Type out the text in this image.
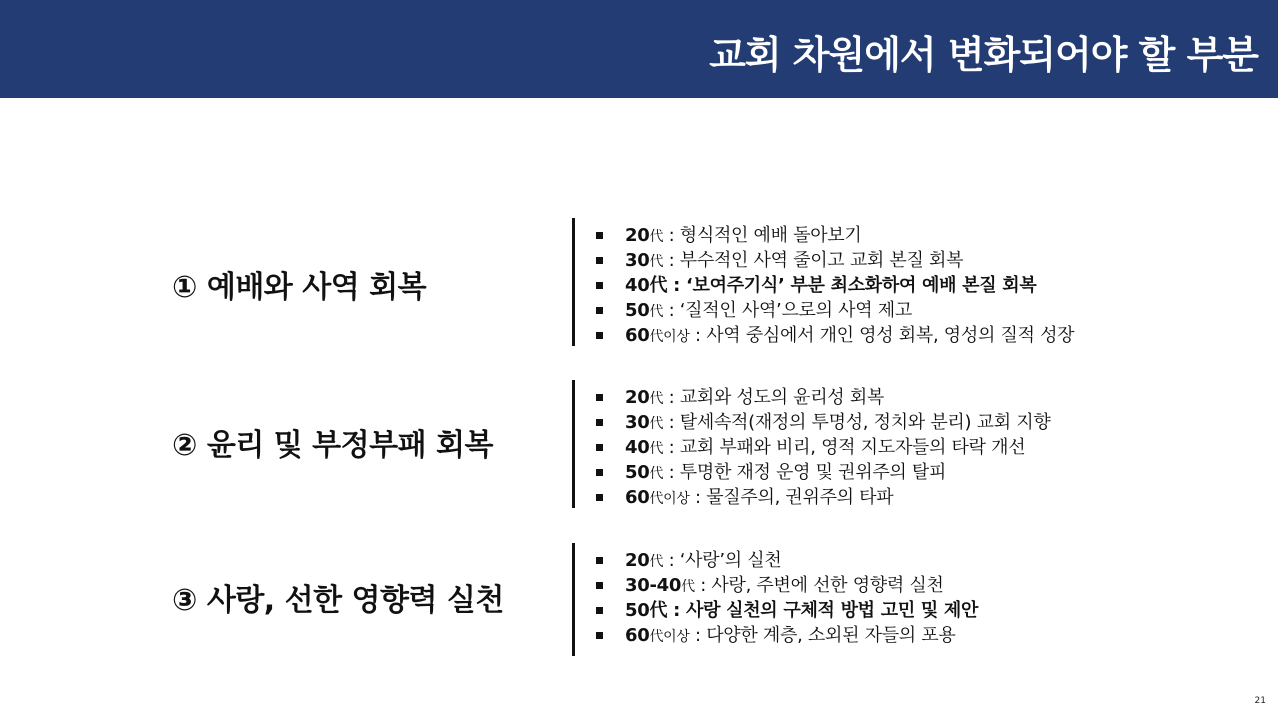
교회 차원에서 변화되어야 할 부분
① 예배와 사역 회복
20代 : 형식적인 예배 돌아보기
30代 : 부수적인 사역 줄이고 교회 본질 회복
40代 : ‘보여주기식’ 부분 최소화하여 예배 본질 회복
50代 : ‘질적인 사역’으로의 사역 제고
60代이상 : 사역 중심에서 개인 영성 회복, 영성의 질적 성장
② 윤리 및 부정부패 회복
20代 : 교회와 성도의 윤리성 회복
30代 : 탈세속적(재정의 투명성, 정치와 분리) 교회 지향
40代 : 교회 부패와 비리, 영적 지도자들의 타락 개선
50代 : 투명한 재정 운영 및 권위주의 탈피
60代이상 : 물질주의, 권위주의 타파
③ 사랑, 선한 영향력 실천
20代 : ‘사랑’의 실천
30-40代 : 사랑, 주변에 선한 영향력 실천
50代 : 사랑 실천의 구체적 방법 고민 및 제안
60代이상 : 다양한 계층, 소외된 자들의 포용
21
